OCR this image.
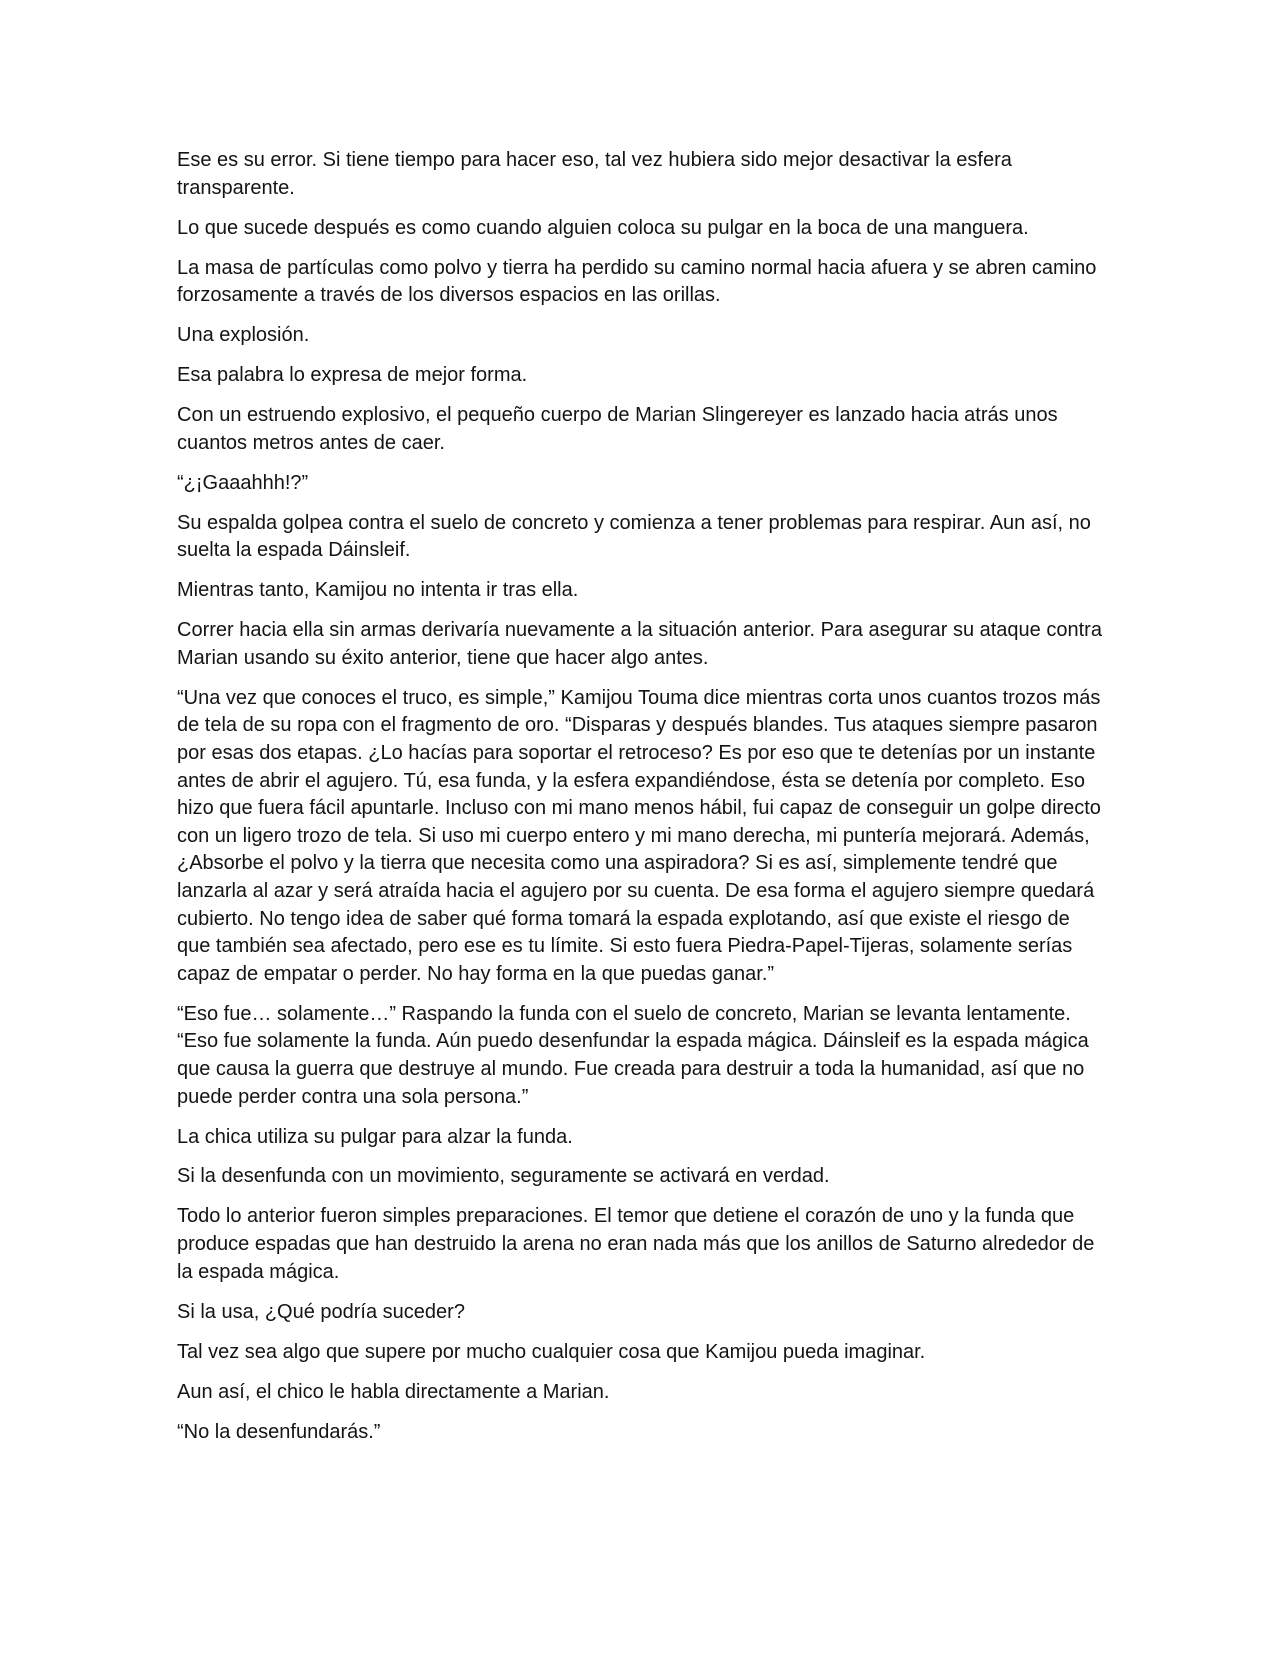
Ese es su error. Si tiene tiempo para hacer eso, tal vez hubiera sido mejor desactivar la esfera transparente.

Lo que sucede después es como cuando alguien coloca su pulgar en la boca de una manguera.

La masa de partículas como polvo y tierra ha perdido su camino normal hacia afuera y se abren camino forzosamente a través de los diversos espacios en las orillas.

Una explosión.

Esa palabra lo expresa de mejor forma.

Con un estruendo explosivo, el pequeño cuerpo de Marian Slingereyer es lanzado hacia atrás unos cuantos metros antes de caer.

“¿¡Gaaahhh!?”

Su espalda golpea contra el suelo de concreto y comienza a tener problemas para respirar. Aun así, no suelta la espada Dáinsleif.

Mientras tanto, Kamijou no intenta ir tras ella.

Correr hacia ella sin armas derivaría nuevamente a la situación anterior. Para asegurar su ataque contra Marian usando su éxito anterior, tiene que hacer algo antes.

“Una vez que conoces el truco, es simple,” Kamijou Touma dice mientras corta unos cuantos trozos más de tela de su ropa con el fragmento de oro. “Disparas y después blandes. Tus ataques siempre pasaron por esas dos etapas. ¿Lo hacías para soportar el retroceso? Es por eso que te detenías por un instante antes de abrir el agujero. Tú, esa funda, y la esfera expandiéndose, ésta se detenía por completo. Eso hizo que fuera fácil apuntarle. Incluso con mi mano menos hábil, fui capaz de conseguir un golpe directo con un ligero trozo de tela. Si uso mi cuerpo entero y mi mano derecha, mi puntería mejorará. Además, ¿Absorbe el polvo y la tierra que necesita como una aspiradora? Si es así, simplemente tendré que lanzarla al azar y será atraída hacia el agujero por su cuenta. De esa forma el agujero siempre quedará cubierto. No tengo idea de saber qué forma tomará la espada explotando, así que existe el riesgo de que también sea afectado, pero ese es tu límite. Si esto fuera Piedra-Papel-Tijeras, solamente serías capaz de empatar o perder. No hay forma en la que puedas ganar.”

“Eso fue… solamente…” Raspando la funda con el suelo de concreto, Marian se levanta lentamente. “Eso fue solamente la funda. Aún puedo desenfundar la espada mágica. Dáinsleif es la espada mágica que causa la guerra que destruye al mundo. Fue creada para destruir a toda la humanidad, así que no puede perder contra una sola persona.”

La chica utiliza su pulgar para alzar la funda.

Si la desenfunda con un movimiento, seguramente se activará en verdad.

Todo lo anterior fueron simples preparaciones. El temor que detiene el corazón de uno y la funda que produce espadas que han destruido la arena no eran nada más que los anillos de Saturno alrededor de la espada mágica.

Si la usa, ¿Qué podría suceder?

Tal vez sea algo que supere por mucho cualquier cosa que Kamijou pueda imaginar.

Aun así, el chico le habla directamente a Marian.

“No la desenfundarás.”
